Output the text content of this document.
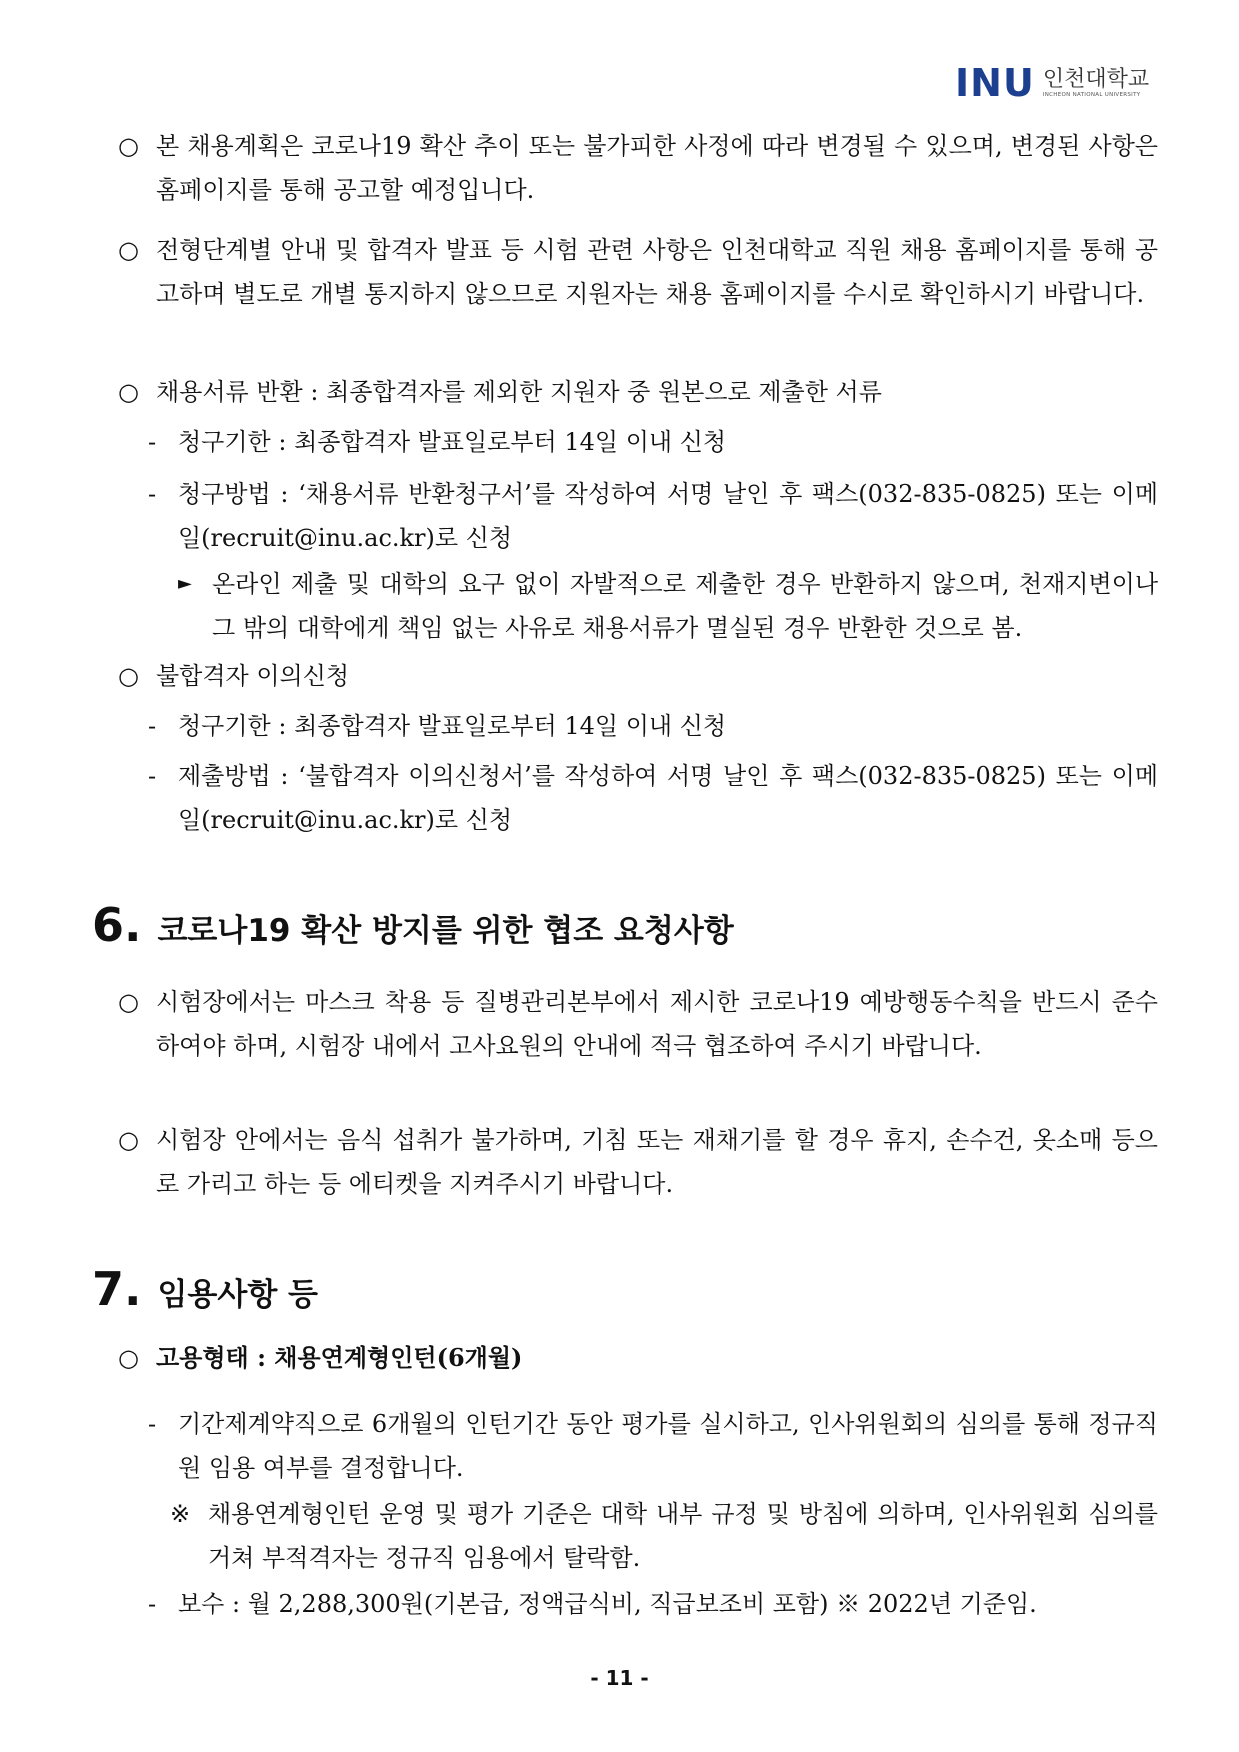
INU 인천대학교
INCHEON NATIONAL UNIVERSITY
○ 본 채용계획은 코로나19 확산 추이 또는 불가피한 사정에 따라 변경될 수 있으며, 변경된 사항은 홈페이지를 통해 공고할 예정입니다.
○ 전형단계별 안내 및 합격자 발표 등 시험 관련 사항은 인천대학교 직원 채용 홈페이지를 통해 공고하며 별도로 개별 통지하지 않으므로 지원자는 채용 홈페이지를 수시로 확인하시기 바랍니다.
○ 채용서류 반환 : 최종합격자를 제외한 지원자 중 원본으로 제출한 서류
- 청구기한 : 최종합격자 발표일로부터 14일 이내 신청
- 청구방법 : ‘채용서류 반환청구서’를 작성하여 서명 날인 후 팩스(032-835-0825) 또는 이메일(recruit@inu.ac.kr)로 신청
► 온라인 제출 및 대학의 요구 없이 자발적으로 제출한 경우 반환하지 않으며, 천재지변이나 그 밖의 대학에게 책임 없는 사유로 채용서류가 멸실된 경우 반환한 것으로 봄.
○ 불합격자 이의신청
- 청구기한 : 최종합격자 발표일로부터 14일 이내 신청
- 제출방법 : ‘불합격자 이의신청서’를 작성하여 서명 날인 후 팩스(032-835-0825) 또는 이메일(recruit@inu.ac.kr)로 신청
6. 코로나19 확산 방지를 위한 협조 요청사항
○ 시험장에서는 마스크 착용 등 질병관리본부에서 제시한 코로나19 예방행동수칙을 반드시 준수하여야 하며, 시험장 내에서 고사요원의 안내에 적극 협조하여 주시기 바랍니다.
○ 시험장 안에서는 음식 섭취가 불가하며, 기침 또는 재채기를 할 경우 휴지, 손수건, 옷소매 등으로 가리고 하는 등 에티켓을 지켜주시기 바랍니다.
7. 임용사항 등
○ 고용형태 : 채용연계형인턴(6개월)
- 기간제계약직으로 6개월의 인턴기간 동안 평가를 실시하고, 인사위원회의 심의를 통해 정규직원 임용 여부를 결정합니다.
※ 채용연계형인턴 운영 및 평가 기준은 대학 내부 규정 및 방침에 의하며, 인사위원회 심의를 거쳐 부적격자는 정규직 임용에서 탈락함.
- 보수 : 월 2,288,300원(기본급, 정액급식비, 직급보조비 포함) ※ 2022년 기준임.
- 11 -
